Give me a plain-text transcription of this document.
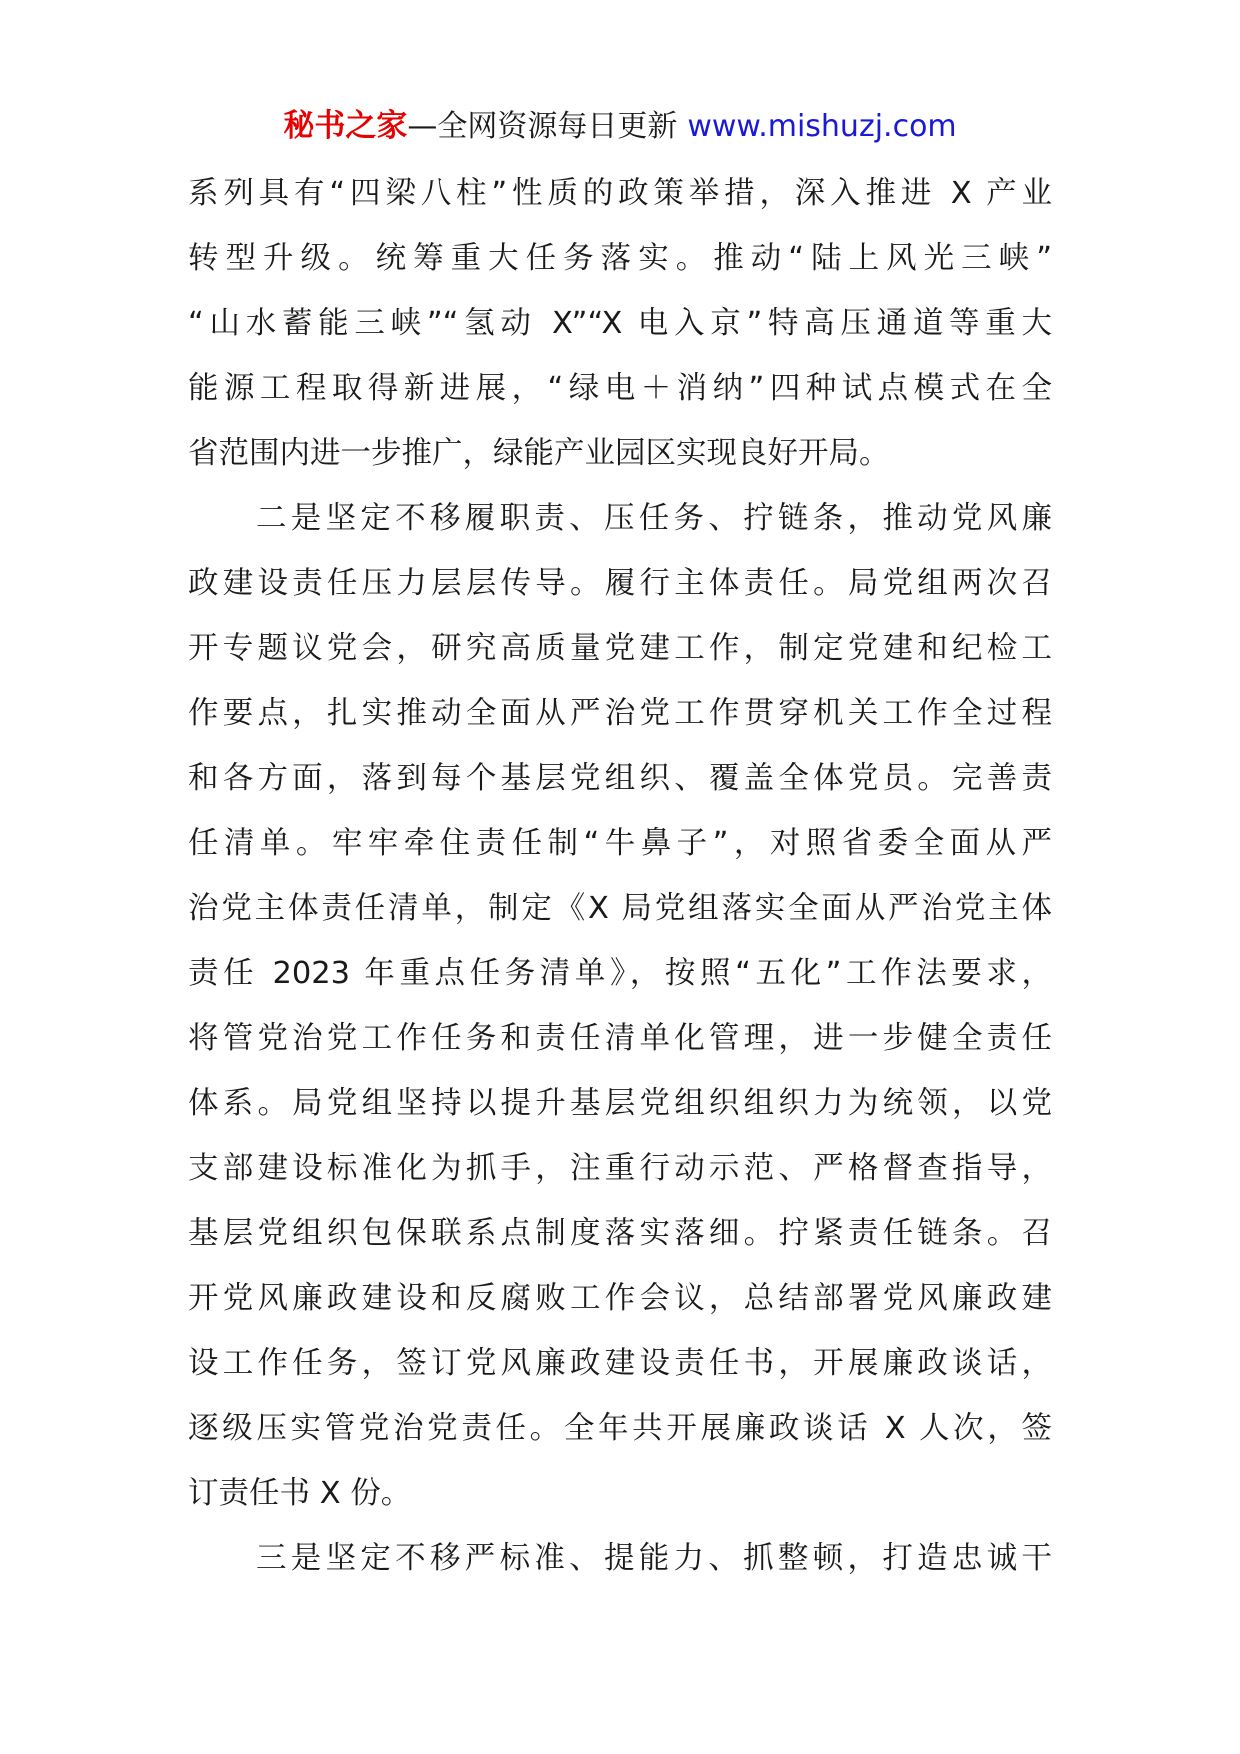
秘书之家—全网资源每日更新 www.mishuzj.com
系列具有“四梁八柱”性质的政策举措，深入推进 X 产业
转型升级。统筹重大任务落实。推动“陆上风光三峡”
“山水蓄能三峡”“氢动 X”“X 电入京”特高压通道等重大
能源工程取得新进展，“绿电＋消纳”四种试点模式在全
省范围内进一步推广，绿能产业园区实现良好开局。
二是坚定不移履职责、压任务、拧链条，推动党风廉
政建设责任压力层层传导。履行主体责任。局党组两次召
开专题议党会，研究高质量党建工作，制定党建和纪检工
作要点，扎实推动全面从严治党工作贯穿机关工作全过程
和各方面，落到每个基层党组织、覆盖全体党员。完善责
任清单。牢牢牵住责任制“牛鼻子”，对照省委全面从严
治党主体责任清单，制定《X 局党组落实全面从严治党主体
责任 2023 年重点任务清单》，按照“五化”工作法要求，
将管党治党工作任务和责任清单化管理，进一步健全责任
体系。局党组坚持以提升基层党组织组织力为统领，以党
支部建设标准化为抓手，注重行动示范、严格督查指导，
基层党组织包保联系点制度落实落细。拧紧责任链条。召
开党风廉政建设和反腐败工作会议，总结部署党风廉政建
设工作任务，签订党风廉政建设责任书，开展廉政谈话，
逐级压实管党治党责任。全年共开展廉政谈话 X 人次，签
订责任书 X 份。
三是坚定不移严标准、提能力、抓整顿，打造忠诚干
